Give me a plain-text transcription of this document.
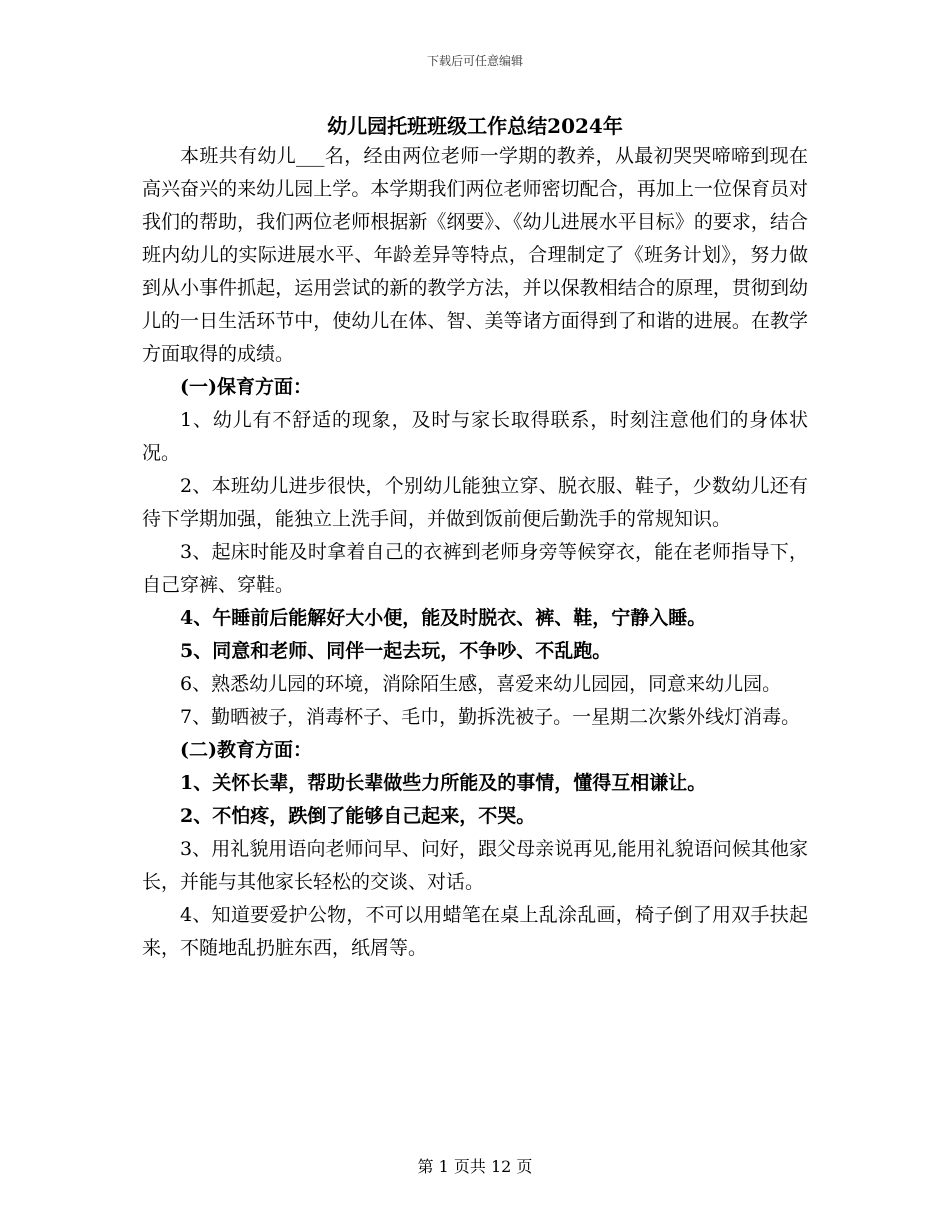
下载后可任意编辑
幼儿园托班班级工作总结2024年

本班共有幼儿___名，经由两位老师一学期的教养，从最初哭哭啼啼到现在高兴奋兴的来幼儿园上学。本学期我们两位老师密切配合，再加上一位保育员对我们的帮助，我们两位老师根据新《纲要》、《幼儿进展水平目标》的要求，结合班内幼儿的实际进展水平、年龄差异等特点，合理制定了《班务计划》，努力做到从小事件抓起，运用尝试的新的教学方法，并以保教相结合的原理，贯彻到幼儿的一日生活环节中，使幼儿在体、智、美等诸方面得到了和谐的进展。在教学方面取得的成绩。

(一)保育方面：

1、幼儿有不舒适的现象，及时与家长取得联系，时刻注意他们的身体状况。

2、本班幼儿进步很快，个别幼儿能独立穿、脱衣服、鞋子，少数幼儿还有待下学期加强，能独立上洗手间，并做到饭前便后勤洗手的常规知识。

3、起床时能及时拿着自己的衣裤到老师身旁等候穿衣，能在老师指导下，自己穿裤、穿鞋。

4、午睡前后能解好大小便，能及时脱衣、裤、鞋，宁静入睡。

5、同意和老师、同伴一起去玩，不争吵、不乱跑。

6、熟悉幼儿园的环境，消除陌生感，喜爱来幼儿园园，同意来幼儿园。

7、勤晒被子，消毒杯子、毛巾，勤拆洗被子。一星期二次紫外线灯消毒。

(二)教育方面：

1、关怀长辈，帮助长辈做些力所能及的事情，懂得互相谦让。

2、不怕疼，跌倒了能够自己起来，不哭。

3、用礼貌用语向老师问早、问好，跟父母亲说再见,能用礼貌语问候其他家长，并能与其他家长轻松的交谈、对话。

4、知道要爱护公物，不可以用蜡笔在桌上乱涂乱画，椅子倒了用双手扶起来，不随地乱扔脏东西，纸屑等。

第 1 页共 12 页
